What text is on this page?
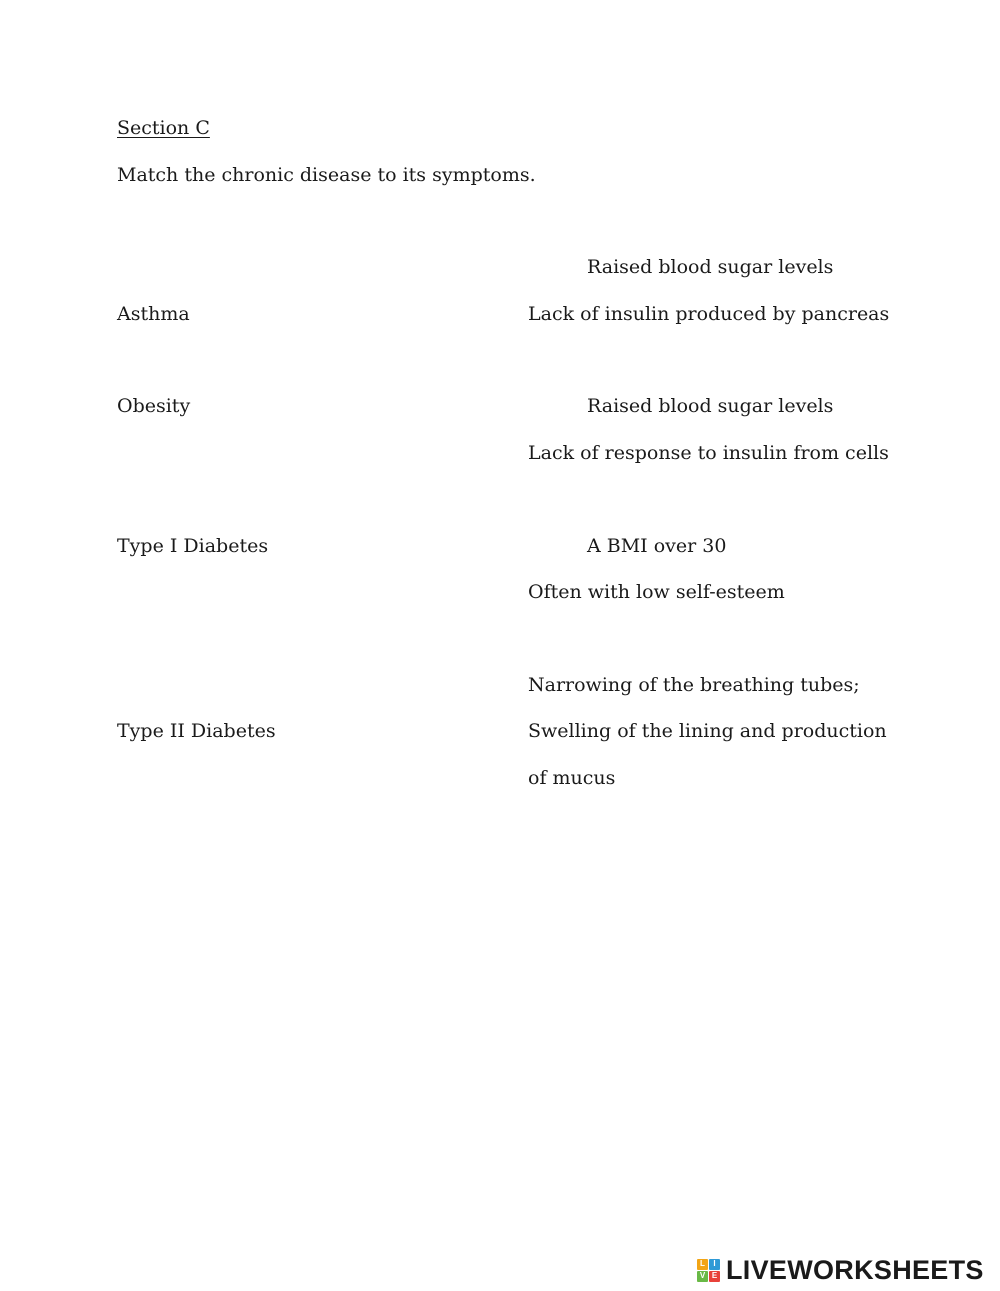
Section C

Match the chronic disease to its symptoms.

Asthma

Obesity

Type I Diabetes

Type II Diabetes

Raised blood sugar levels

Lack of insulin produced by pancreas

Raised blood sugar levels

Lack of response to insulin from cells

A BMI over 30

Often with low self-esteem

Narrowing of the breathing tubes;

Swelling of the lining and production

of mucus

L	I
V E LIVEWORKSHEETS
